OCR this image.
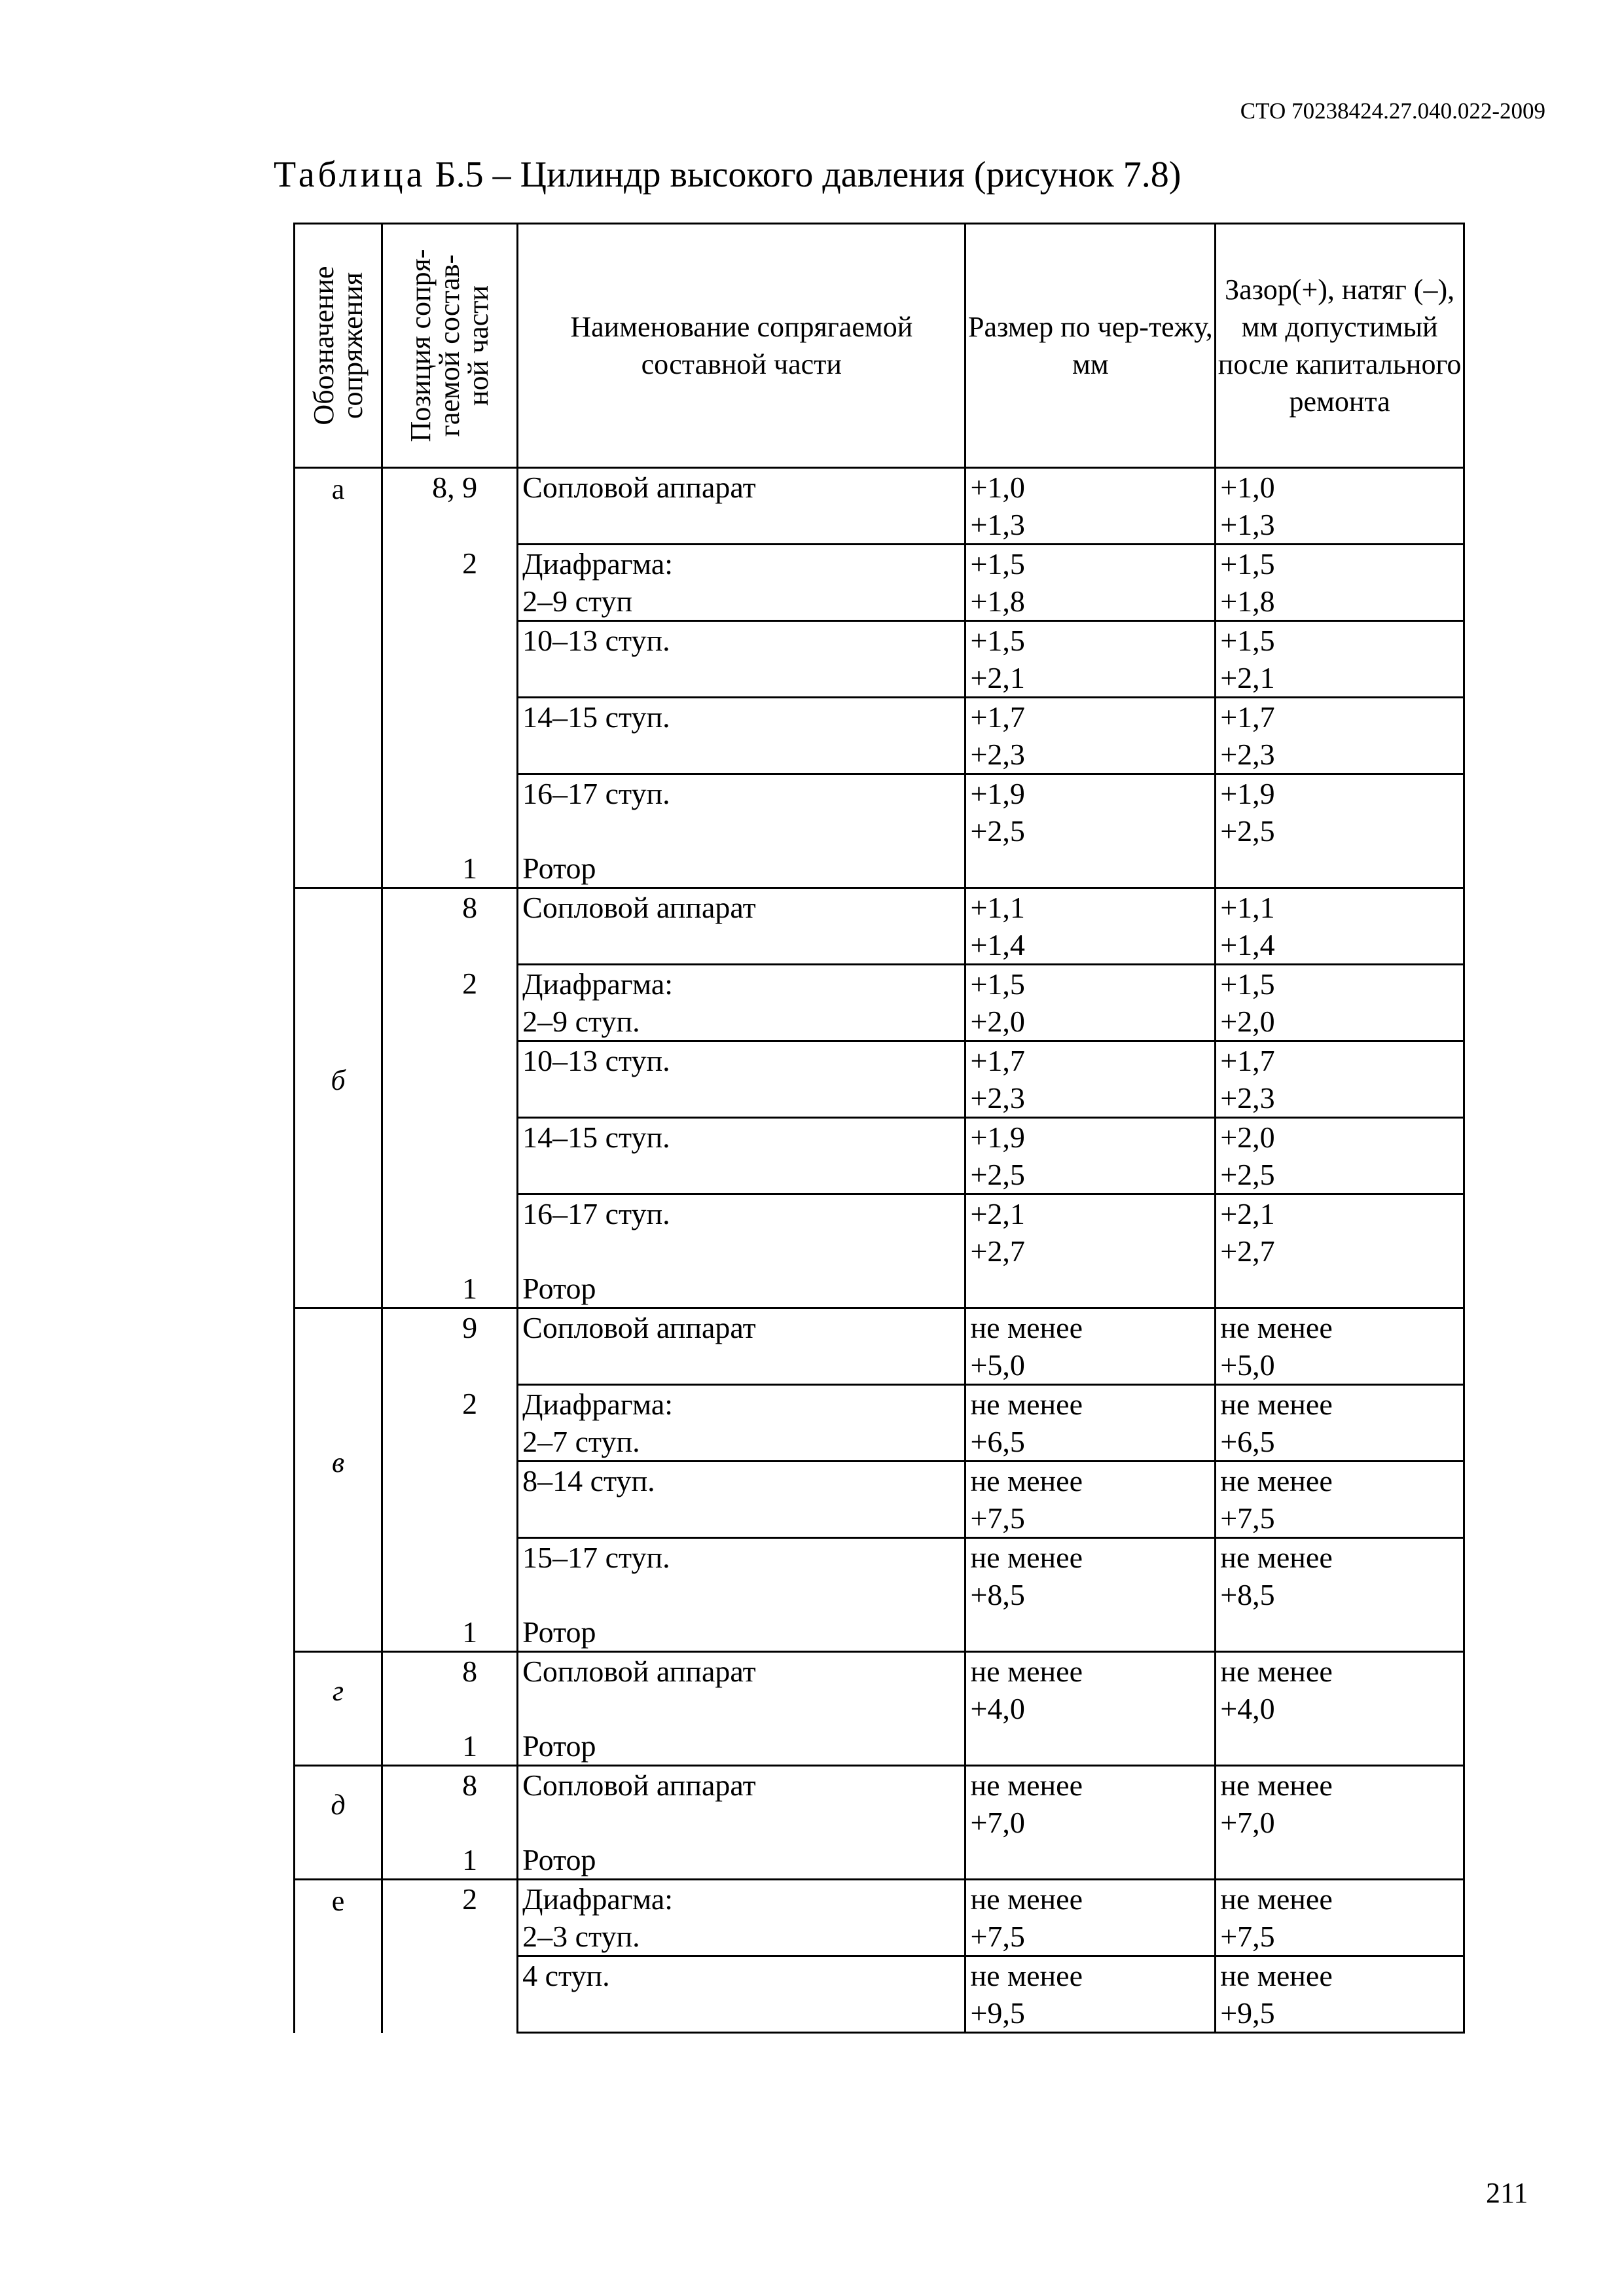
СТО 70238424.27.040.022-2009
Таблица Б.5 – Цилиндр высокого давления (рисунок 7.8)
Обозначение сопряжения	Позиция сопря-гаемой состав-ной части	Наименование сопрягаемой составной части	Размер по чер-тежу, мм	Зазор(+), натяг (–), мм допустимый после капитального ремонта
а	8, 9	Сопловой аппарат	+1,0	+1,0
			+1,3	+1,3
	2	Диафрагма:	+1,5	+1,5
		2–9 ступ	+1,8	+1,8
		10–13 ступ.	+1,5	+1,5
			+2,1	+2,1
		14–15 ступ.	+1,7	+1,7
			+2,3	+2,3
		16–17 ступ.	+1,9	+1,9
			+2,5	+2,5
	1	Ротор		
б	8	Сопловой аппарат	+1,1	+1,1
			+1,4	+1,4
	2	Диафрагма:	+1,5	+1,5
		2–9 ступ.	+2,0	+2,0
		10–13 ступ.	+1,7	+1,7
			+2,3	+2,3
		14–15 ступ.	+1,9	+2,0
			+2,5	+2,5
		16–17 ступ.	+2,1	+2,1
			+2,7	+2,7
	1	Ротор		
в	9	Сопловой аппарат	не менее	не менее
			+5,0	+5,0
	2	Диафрагма:	не менее	не менее
		2–7 ступ.	+6,5	+6,5
		8–14 ступ.	не менее	не менее
			+7,5	+7,5
		15–17 ступ.	не менее	не менее
			+8,5	+8,5
	1	Ротор		
г	8	Сопловой аппарат	не менее	не менее
			+4,0	+4,0
	1	Ротор		
д	8	Сопловой аппарат	не менее	не менее
			+7,0	+7,0
	1	Ротор		
е	2	Диафрагма:	не менее	не менее
		2–3 ступ.	+7,5	+7,5
		4 ступ.	не менее	не менее
			+9,5	+9,5
211
